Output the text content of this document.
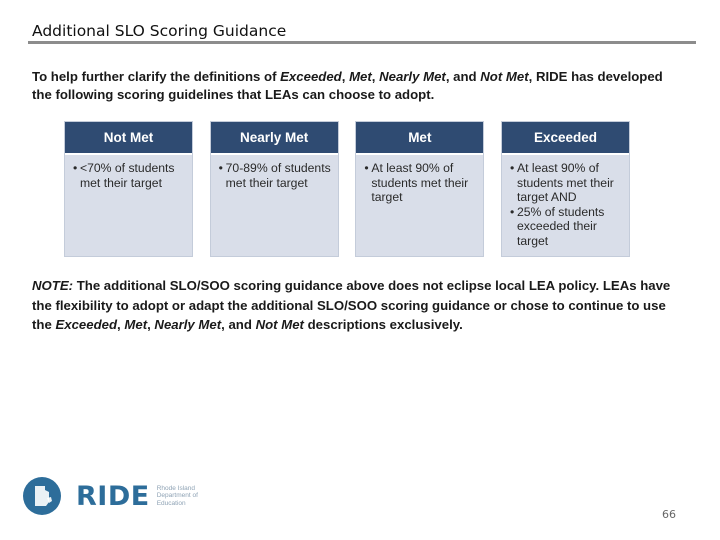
Additional SLO Scoring Guidance
To help further clarify the definitions of Exceeded, Met, Nearly Met, and Not Met, RIDE has developed the following scoring guidelines that LEAs can choose to adopt.
Not Met
• <70% of students met their target
Nearly Met
• 70-89% of students met their target
Met
• At least 90% of students met their target
Exceeded
• At least 90% of students met their target AND
• 25% of students exceeded their target
NOTE: The additional SLO/SOO scoring guidance above does not eclipse local LEA policy. LEAs have the flexibility to adopt or adapt the additional SLO/SOO scoring guidance or chose to continue to use the Exceeded, Met, Nearly Met, and Not Met descriptions exclusively.
RIDE Rhode Island Department of Education
66
